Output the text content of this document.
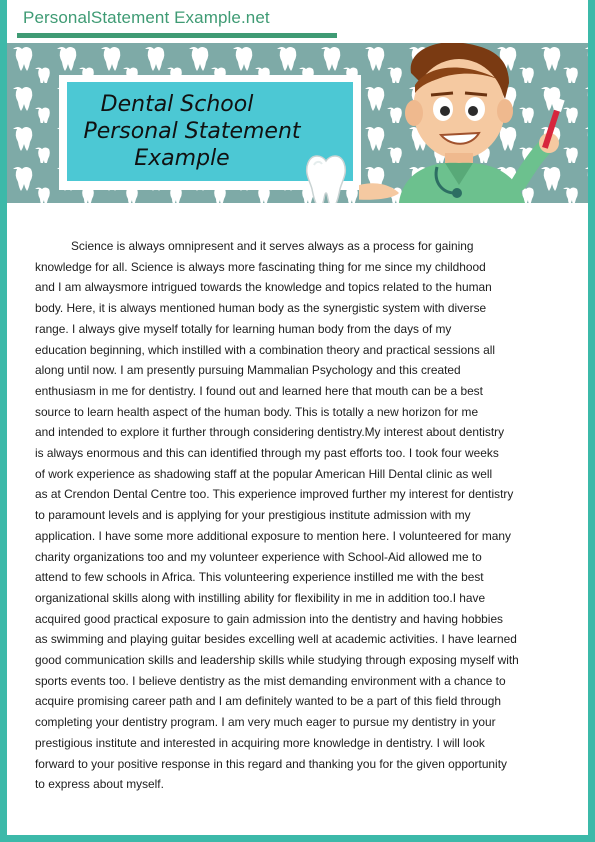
PersonalStatement Example.net
Dental School
Personal Statement
Example
Science is always omnipresent and it serves always as a process for gaining
knowledge for all. Science is always more fascinating thing for me since my childhood
and I am alwaysmore intrigued towards the knowledge and topics related to the human
body. Here, it is always mentioned human body as the synergistic system with diverse
range. I always give myself totally for learning human body from the days of my
education beginning, which instilled with a combination theory and practical sessions all
along until now. I am presently pursuing Mammalian Psychology and this created
enthusiasm in me for dentistry. I found out and learned here that mouth can be a best
source to learn health aspect of the human body. This is totally a new horizon for me
and intended to explore it further through considering dentistry.My interest about dentistry
is always enormous and this can identified through my past efforts too. I took four weeks
of work experience as shadowing staff at the popular American Hill Dental clinic as well
as at Crendon Dental Centre too. This experience improved further my interest for dentistry
to paramount levels and is applying for your prestigious institute admission with my
application. I have some more additional exposure to mention here. I volunteered for many
charity organizations too and my volunteer experience with School-Aid allowed me to
attend to few schools in Africa. This volunteering experience instilled me with the best
organizational skills along with instilling ability for flexibility in me in addition too.I have
acquired good practical exposure to gain admission into the dentistry and having hobbies
as swimming and playing guitar besides excelling well at academic activities. I have learned
good communication skills and leadership skills while studying through exposing myself with
sports events too. I believe dentistry as the mist demanding environment with a chance to
acquire promising career path and I am definitely wanted to be a part of this field through
completing your dentistry program. I am very much eager to pursue my dentistry in your
prestigious institute and interested in acquiring more knowledge in dentistry. I will look
forward to your positive response in this regard and thanking you for the given opportunity
to express about myself.
